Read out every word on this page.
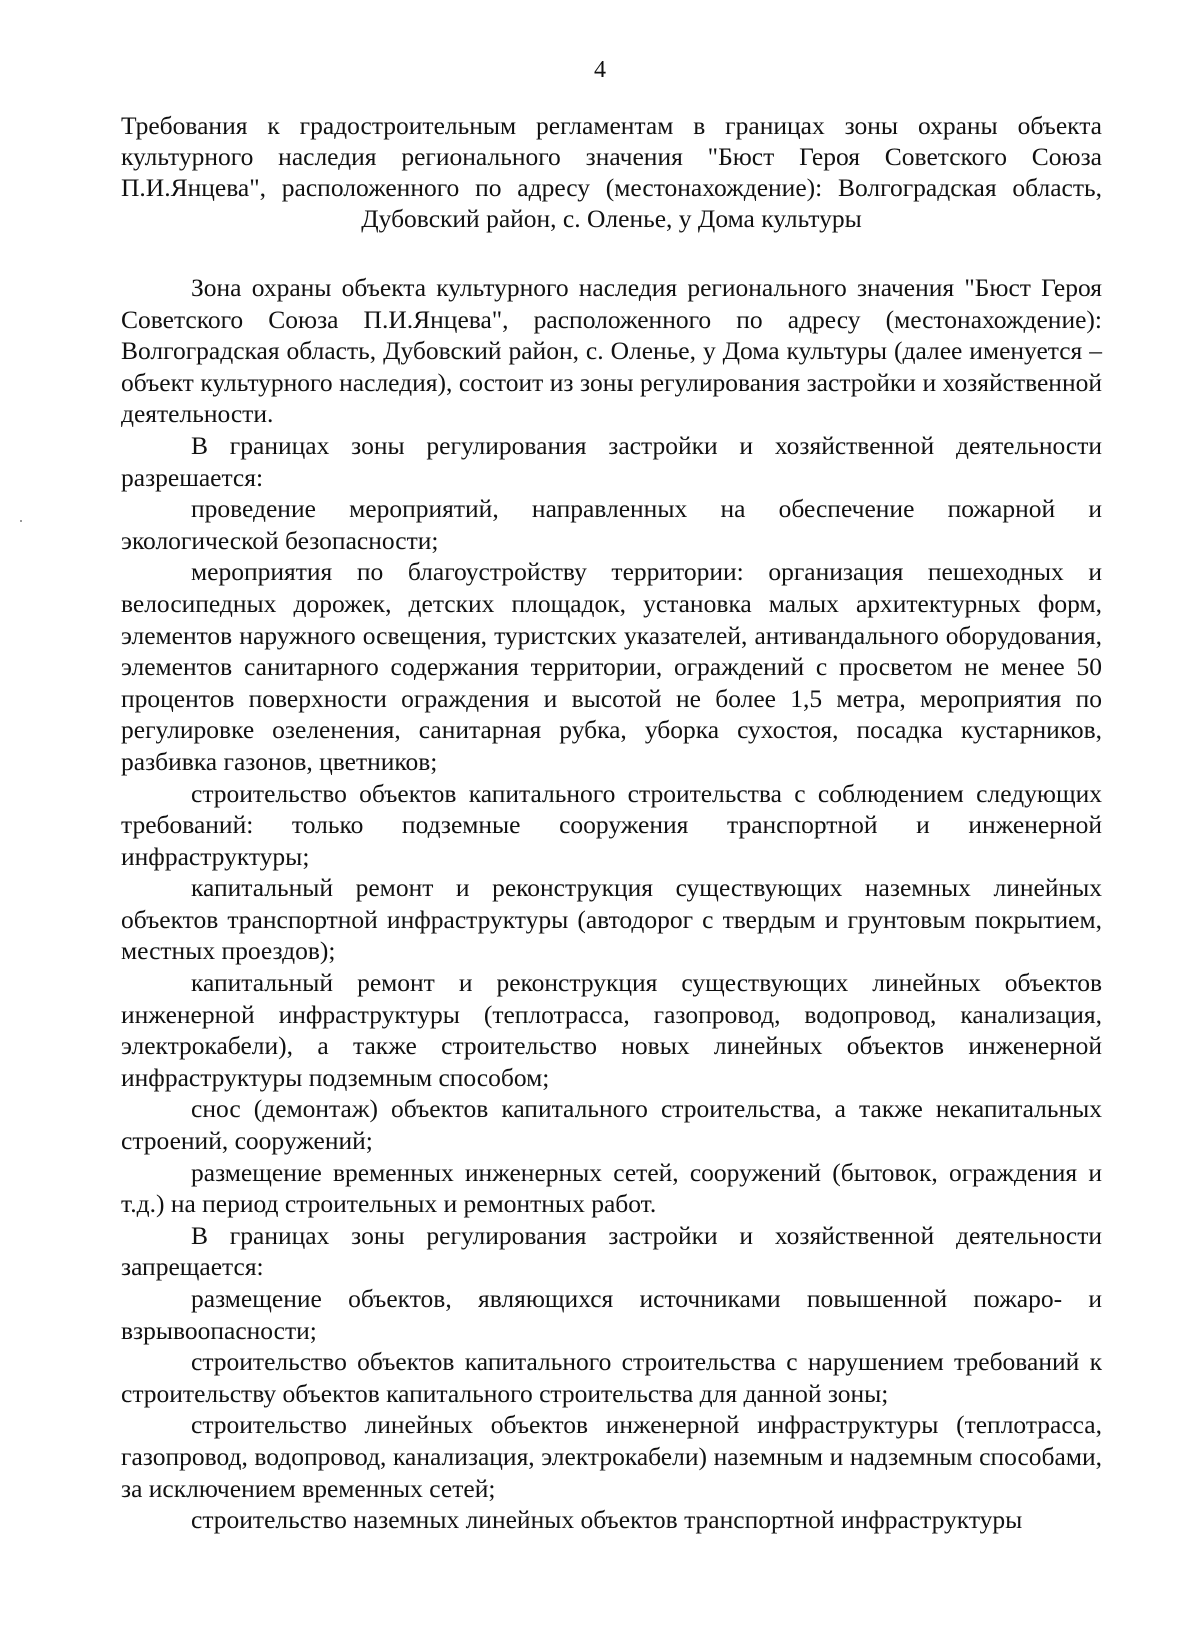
4
Требования к градостроительным регламентам в границах зоны охраны объекта культурного наследия регионального значения "Бюст Героя Советского Союза П.И.Янцева", расположенного по адресу (местонахождение): Волгоградская область, Дубовский район, с. Оленье, у Дома культуры

Зона охраны объекта культурного наследия регионального значения "Бюст Героя Советского Союза П.И.Янцева", расположенного по адресу (местонахождение): Волгоградская область, Дубовский район, с. Оленье, у Дома культуры (далее именуется – объект культурного наследия), состоит из зоны регулирования застройки и хозяйственной деятельности.

В границах зоны регулирования застройки и хозяйственной деятельности разрешается:

проведение мероприятий, направленных на обеспечение пожарной и экологической безопасности;

мероприятия по благоустройству территории: организация пешеходных и велосипедных дорожек, детских площадок, установка малых архитектурных форм, элементов наружного освещения, туристских указателей, антивандального оборудования, элементов санитарного содержания территории, ограждений с просветом не менее 50 процентов поверхности ограждения и высотой не более 1,5 метра, мероприятия по регулировке озеленения, санитарная рубка, уборка сухостоя, посадка кустарников, разбивка газонов, цветников;

строительство объектов капитального строительства с соблюдением следующих требований: только подземные сооружения транспортной и инженерной инфраструктуры;

капитальный ремонт и реконструкция существующих наземных линейных объектов транспортной инфраструктуры (автодорог с твердым и грунтовым покрытием, местных проездов);

капитальный ремонт и реконструкция существующих линейных объектов инженерной инфраструктуры (теплотрасса, газопровод, водопровод, канализация, электрокабели), а также строительство новых линейных объектов инженерной инфраструктуры подземным способом;

снос (демонтаж) объектов капитального строительства, а также некапитальных строений, сооружений;

размещение временных инженерных сетей, сооружений (бытовок, ограждения и т.д.) на период строительных и ремонтных работ.

В границах зоны регулирования застройки и хозяйственной деятельности запрещается:

размещение объектов, являющихся источниками повышенной пожаро- и взрывоопасности;

строительство объектов капитального строительства с нарушением требований к строительству объектов капитального строительства для данной зоны;

строительство линейных объектов инженерной инфраструктуры (теплотрасса, газопровод, водопровод, канализация, электрокабели) наземным и надземным способами, за исключением временных сетей;

строительство наземных линейных объектов транспортной инфраструктуры
